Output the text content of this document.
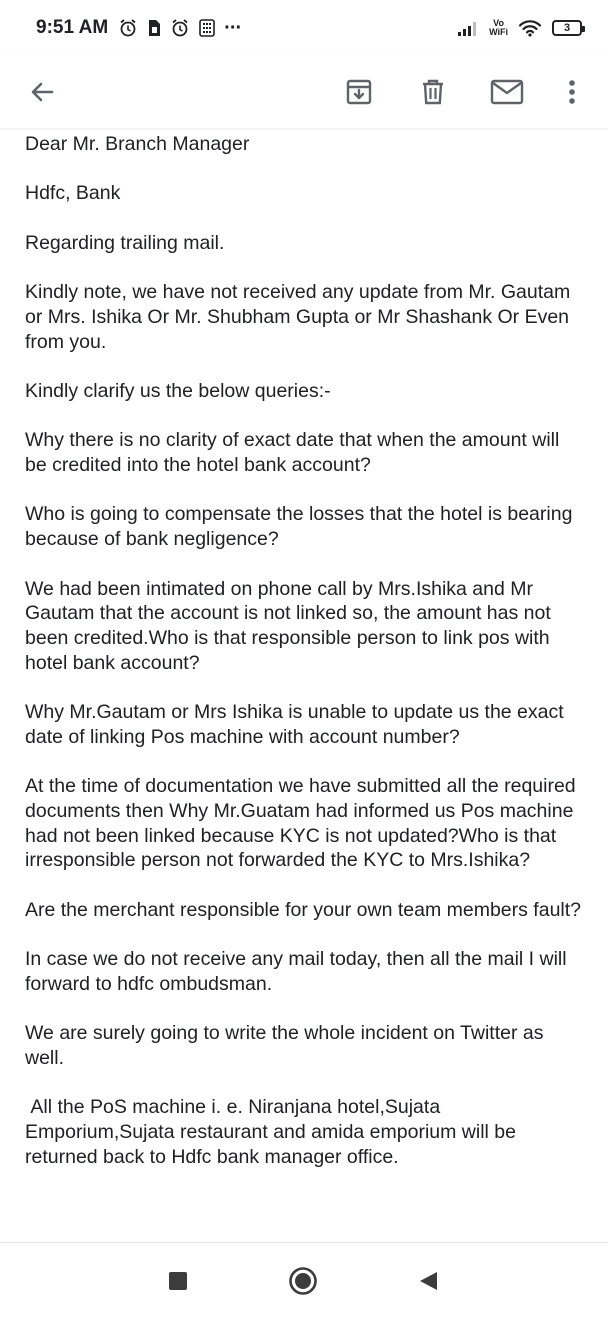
9:51 AM	···	Vo
WiFi	3

Dear Mr. Branch Manager

Hdfc, Bank

Regarding trailing mail.

Kindly note, we have not received any update from Mr. Gautam or Mrs. Ishika Or Mr. Shubham Gupta or Mr Shashank Or Even from you.

Kindly clarify us the below queries:-

Why there is no clarity of exact date that when the amount will be credited into the hotel bank account?

Who is going to compensate the losses that the hotel is bearing because of bank negligence?

We had been intimated on phone call by Mrs.Ishika and Mr Gautam that the account is not linked so, the amount has not been credited.Who is that responsible person to link pos with hotel bank account?

Why Mr.Gautam or Mrs Ishika is unable to update us the exact date of linking Pos machine with account number?

At the time of documentation we have submitted all the required documents then Why Mr.Guatam had informed us Pos machine had not been linked because KYC is not updated?Who is that irresponsible person not forwarded the KYC to Mrs.Ishika?

Are the merchant responsible for your own team members fault?

In case we do not receive any mail today, then all the mail I will forward to hdfc ombudsman.

We are surely going to write the whole incident on Twitter as well.

All the PoS machine i. e. Niranjana hotel,Sujata Emporium,Sujata restaurant and amida emporium will be returned back to Hdfc bank manager office.
